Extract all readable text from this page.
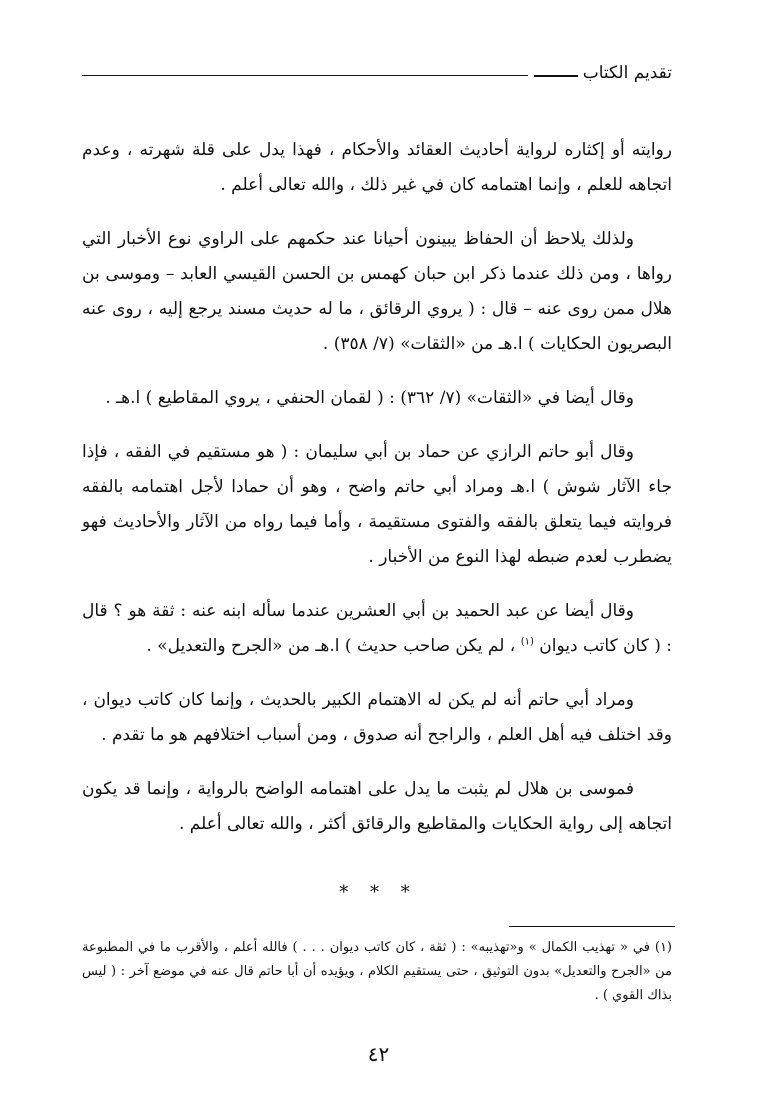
تقديم الكتاب

روايته أو إكثاره لرواية أحاديث العقائد والأحكام ، فهذا يدل على قلة شهرته ، وعدم اتجاهه للعلم ، وإنما اهتمامه كان في غير ذلك ، والله تعالى أعلم .

ولذلك يلاحظ أن الحفاظ يبينون أحيانا عند حكمهم على الراوي نوع الأخبار التي رواها ، ومن ذلك عندما ذكر ابن حبان كهمس بن الحسن القيسي العابد – وموسى بن هلال ممن روى عنه – قال : ( يروي الرقائق ، ما له حديث مسند يرجع إليه ، روى عنه البصريون الحكايات ) ا.هـ من «الثقات» (٧/ ٣٥٨) .

وقال أيضا في «الثقات» (٧/ ٣٦٢) : ( لقمان الحنفي ، يروي المقاطيع ) ا.هـ .

وقال أبو حاتم الرازي عن حماد بن أبي سليمان : ( هو مستقيم في الفقه ، فإذا جاء الآثار شوش ) ا.هـ ومراد أبي حاتم واضح ، وهو أن حمادا لأجل اهتمامه بالفقه فروايته فيما يتعلق بالفقه والفتوى مستقيمة ، وأما فيما رواه من الآثار والأحاديث فهو يضطرب لعدم ضبطه لهذا النوع من الأخبار .

وقال أيضا عن عبد الحميد بن أبي العشرين عندما سأله ابنه عنه : ثقة هو ؟ قال : ( كان كاتب ديوان $^{(١)}$ ، لم يكن صاحب حديث ) ا.هـ من «الجرح والتعديل» .

ومراد أبي حاتم أنه لم يكن له الاهتمام الكبير بالحديث ، وإنما كان كاتب ديوان ، وقد اختلف فيه أهل العلم ، والراجح أنه صدوق ، ومن أسباب اختلافهم هو ما تقدم .

فموسى بن هلال لم يثبت ما يدل على اهتمامه الواضح بالرواية ، وإنما قد يكون اتجاهه إلى رواية الحكايات والمقاطيع والرقائق أكثر ، والله تعالى أعلم .

* * *

(١) في « تهذيب الكمال » و«تهذيبه» : ( ثقة ، كان كاتب ديوان . . . ) فالله أعلم ، والأقرب ما في المطبوعة من «الجرح والتعديل» بدون التوثيق ، حتى يستقيم الكلام ، ويؤيده أن أبا حاتم قال عنه في موضع آخر : ( ليس بذاك القوي ) .

٤٢
